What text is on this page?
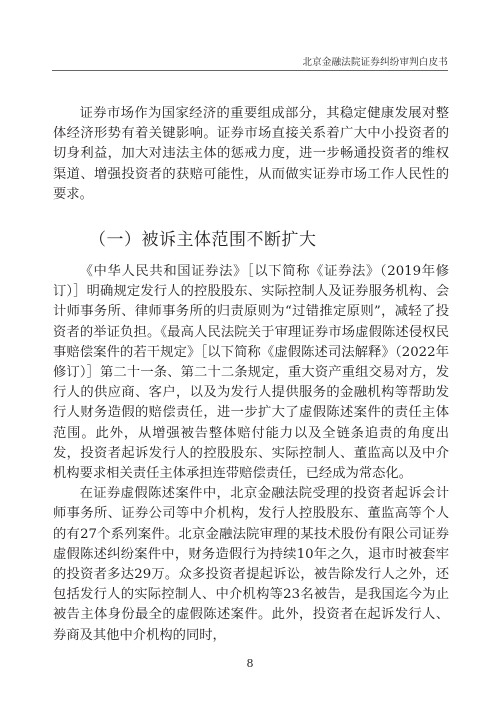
北京金融法院证券纠纷审判白皮书

证券市场作为国家经济的重要组成部分，其稳定健康发展对整体经济形势有着关键影响。证券市场直接关系着广大中小投资者的切身利益，加大对违法主体的惩戒力度，进一步畅通投资者的维权渠道、增强投资者的获赔可能性，从而做实证券市场工作人民性的要求。

（一）被诉主体范围不断扩大

《中华人民共和国证券法》［以下简称《证券法》（2019年修订）］明确规定发行人的控股股东、实际控制人及证券服务机构、会计师事务所、律师事务所的归责原则为“过错推定原则”，减轻了投资者的举证负担。《最高人民法院关于审理证券市场虚假陈述侵权民事赔偿案件的若干规定》［以下简称《虚假陈述司法解释》（2022年修订）］第二十一条、第二十二条规定，重大资产重组交易对方，发行人的供应商、客户，以及为发行人提供服务的金融机构等帮助发行人财务造假的赔偿责任，进一步扩大了虚假陈述案件的责任主体范围。此外，从增强被告整体赔付能力以及全链条追责的角度出发，投资者起诉发行人的控股股东、实际控制人、董监高以及中介机构要求相关责任主体承担连带赔偿责任，已经成为常态化。

在证券虚假陈述案件中，北京金融法院受理的投资者起诉会计师事务所、证券公司等中介机构，发行人控股股东、董监高等个人的有27个系列案件。北京金融法院审理的某技术股份有限公司证券虚假陈述纠纷案件中，财务造假行为持续10年之久，退市时被套牢的投资者多达29万。众多投资者提起诉讼，被告除发行人之外，还包括发行人的实际控制人、中介机构等23名被告，是我国迄今为止被告主体身份最全的虚假陈述案件。此外，投资者在起诉发行人、券商及其他中介机构的同时，

8
